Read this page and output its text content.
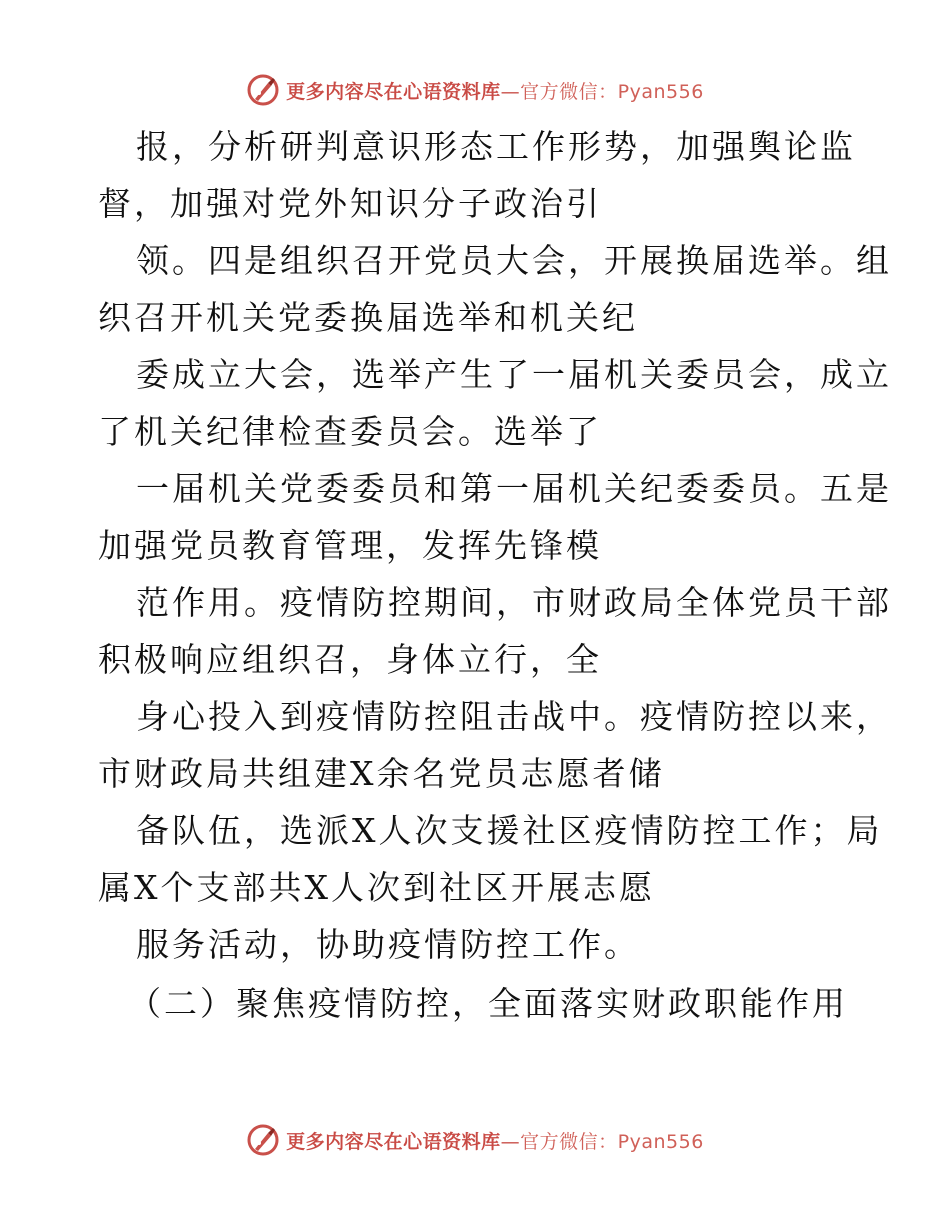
更多内容尽在心语资料库—官方微信：Pyan556
报，分析研判意识形态工作形势，加强舆论监
督，加强对党外知识分子政治引
领。四是组织召开党员大会，开展换届选举。组
织召开机关党委换届选举和机关纪
委成立大会，选举产生了一届机关委员会，成立
了机关纪律检查委员会。选举了
一届机关党委委员和第一届机关纪委委员。五是
加强党员教育管理，发挥先锋模
范作用。疫情防控期间，市财政局全体党员干部
积极响应组织召，身体立行，全
身心投入到疫情防控阻击战中。疫情防控以来，
市财政局共组建X余名党员志愿者储
备队伍，选派X人次支援社区疫情防控工作；局
属X个支部共X人次到社区开展志愿
服务活动，协助疫情防控工作。
（二）聚焦疫情防控，全面落实财政职能作用
更多内容尽在心语资料库—官方微信：Pyan556
